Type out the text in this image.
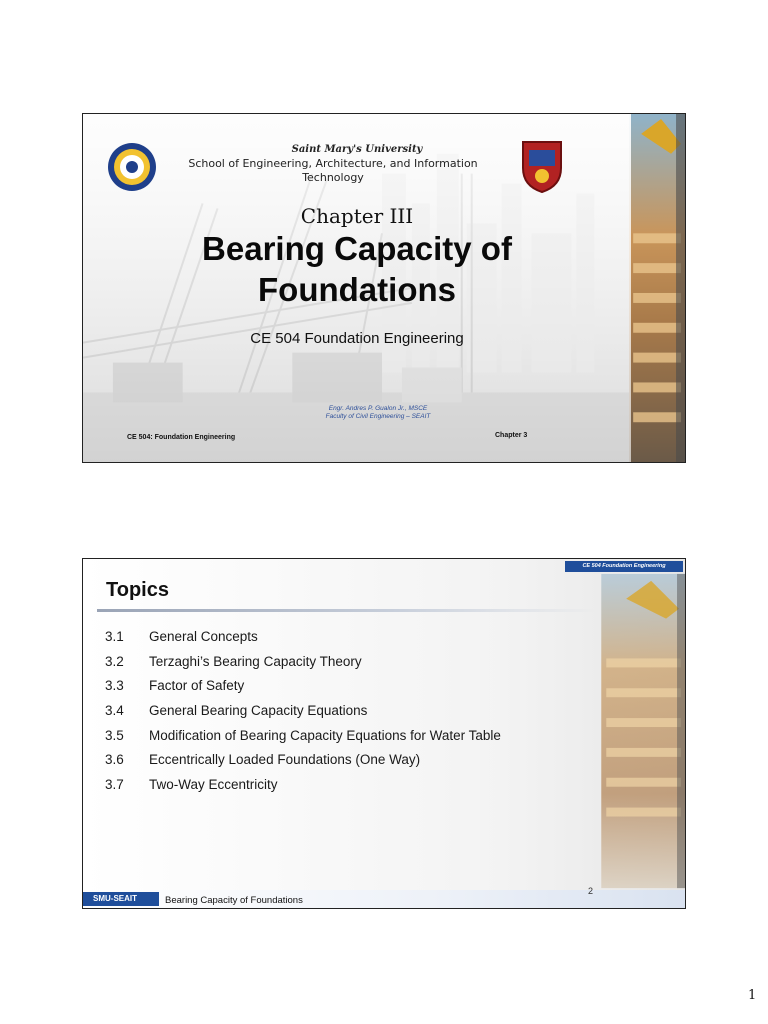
Saint Mary's University
School of Engineering, Architecture, and Information Technology
Chapter III
Bearing Capacity of
Foundations
CE 504 Foundation Engineering
Engr. Andres P. Gualon Jr., MSCE
Faculty of Civil Engineering – SEAIT
CE 504: Foundation Engineering	Chapter 3
CE 504 Foundation Engineering
Topics
3.1 General Concepts
3.2 Terzaghi’s Bearing Capacity Theory
3.3 Factor of Safety
3.4 General Bearing Capacity Equations
3.5 Modification of Bearing Capacity Equations for Water Table
3.6 Eccentrically Loaded Foundations (One Way)
3.7 Two-Way Eccentricity
SMU-SEAIT	Bearing Capacity of Foundations
2
1
